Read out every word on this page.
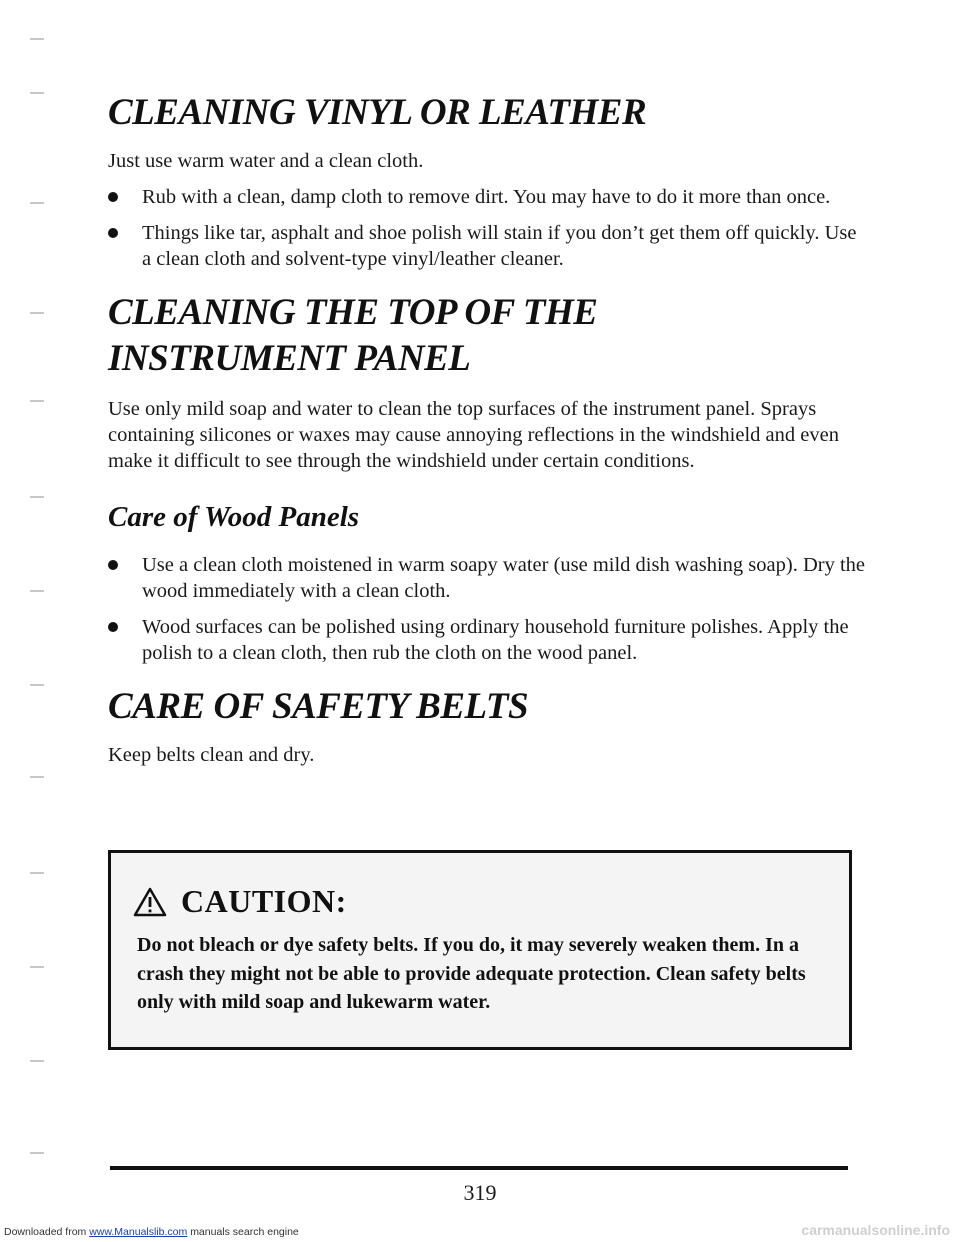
CLEANING VINYL OR LEATHER

Just use warm water and a clean cloth.

Rub with a clean, damp cloth to remove dirt. You may have to do it more than once.
Things like tar, asphalt and shoe polish will stain if you don’t get them off quickly. Use a clean cloth and solvent-type vinyl/leather cleaner.
CLEANING THE TOP OF THE
INSTRUMENT PANEL

Use only mild soap and water to clean the top surfaces of the instrument panel. Sprays containing silicones or waxes may cause annoying reflections in the windshield and even make it difficult to see through the windshield under certain conditions.

Care of Wood Panels
Use a clean cloth moistened in warm soapy water (use mild dish washing soap). Dry the wood immediately with a clean cloth.
Wood surfaces can be polished using ordinary household furniture polishes. Apply the polish to a clean cloth, then rub the cloth on the wood panel.
CARE OF SAFETY BELTS

Keep belts clean and dry.

CAUTION:
Do not bleach or dye safety belts. If you do, it may severely weaken them. In a crash they might not be able to provide adequate protection. Clean safety belts only with mild soap and lukewarm water.
319
Downloaded from www.Manualslib.com manuals search engine	carmanualsonline.info
